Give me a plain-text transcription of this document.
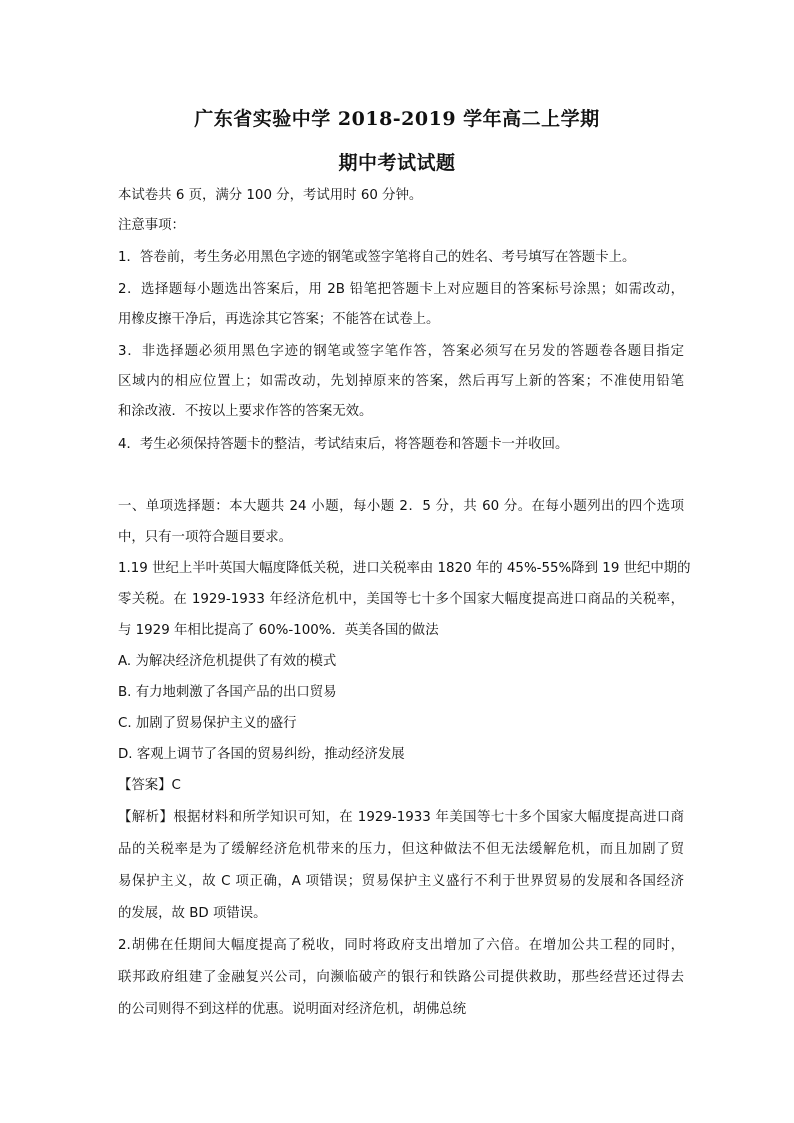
广东省实验中学 2018-2019 学年高二上学期
期中考试试题
本试卷共 6 页，满分 100 分，考试用时 60 分钟。
注意事项：
1．答卷前，考生务必用黑色字迹的钢笔或签字笔将自己的姓名、考号填写在答题卡上。
2．选择题每小题选出答案后，用 2B 铅笔把答题卡上对应题目的答案标号涂黑；如需改动，
用橡皮擦干净后，再选涂其它答案；不能答在试卷上。
3．非选择题必须用黑色字迹的钢笔或签字笔作答，答案必须写在另发的答题卷各题目指定
区域内的相应位置上；如需改动，先划掉原来的答案，然后再写上新的答案；不准使用铅笔
和涂改液．不按以上要求作答的答案无效。
4．考生必须保持答题卡的整洁，考试结束后，将答题卷和答题卡一并收回。
一、单项选择题：本大题共 24 小题，每小题 2．5 分，共 60 分。在每小题列出的四个选项
中，只有一项符合题目要求。
1.19 世纪上半叶英国大幅度降低关税，进口关税率由 1820 年的 45%-55%降到 19 世纪中期的
零关税。在 1929-1933 年经济危机中，美国等七十多个国家大幅度提高进口商品的关税率，
与 1929 年相比提高了 60%-100%．英美各国的做法
A. 为解决经济危机提供了有效的模式
B. 有力地刺激了各国产品的出口贸易
C. 加剧了贸易保护主义的盛行
D. 客观上调节了各国的贸易纠纷，推动经济发展
【答案】C
【解析】根据材料和所学知识可知，在 1929-1933 年美国等七十多个国家大幅度提高进口商
品的关税率是为了缓解经济危机带来的压力，但这种做法不但无法缓解危机，而且加剧了贸
易保护主义，故 C 项正确，A 项错误；贸易保护主义盛行不利于世界贸易的发展和各国经济
的发展，故 BD 项错误。
2.胡佛在任期间大幅度提高了税收，同时将政府支出增加了六倍。在增加公共工程的同时，
联邦政府组建了金融复兴公司，向濒临破产的银行和铁路公司提供救助，那些经营还过得去
的公司则得不到这样的优惠。说明面对经济危机，胡佛总统
